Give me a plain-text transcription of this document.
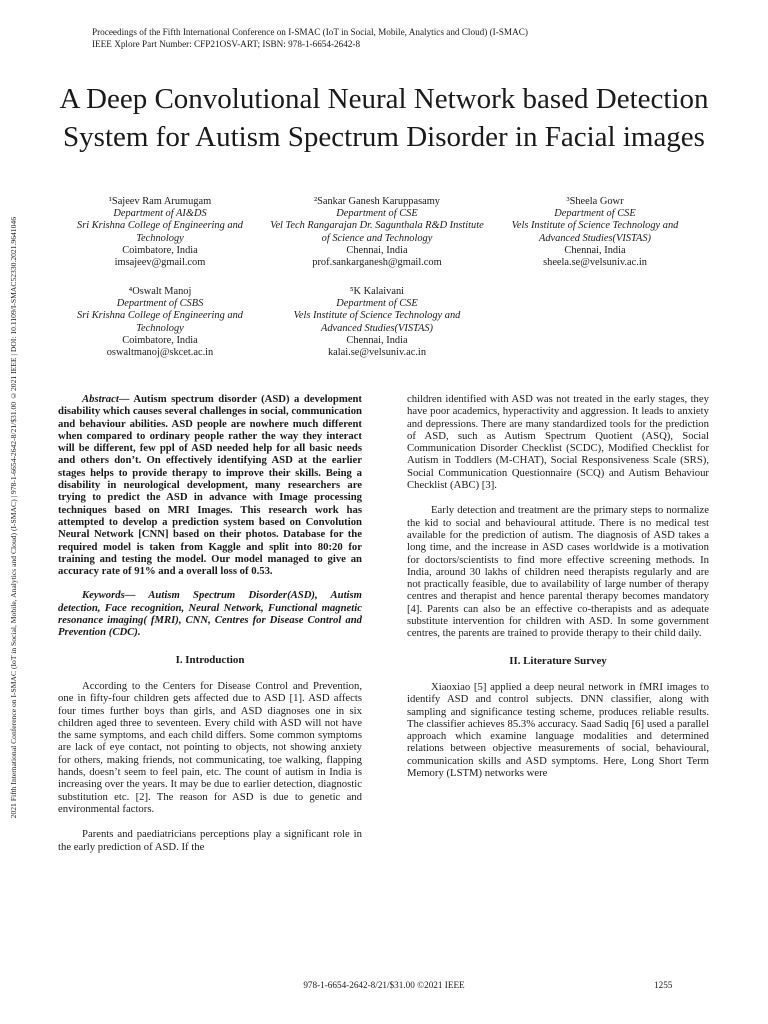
Proceedings of the Fifth International Conference on I-SMAC (IoT in Social, Mobile, Analytics and Cloud) (I-SMAC)
IEEE Xplore Part Number: CFP21OSV-ART; ISBN: 978-1-6654-2642-8
2021 Fifth International Conference on I-SMAC (IoT in Social, Mobile, Analytics and Cloud) (I-SMAC) | 978-1-6654-2642-8/21/$31.00 ©2021 IEEE | DOI: 10.1109/I-SMAC52330.2021.9641046
A Deep Convolutional Neural Network based Detection System for Autism Spectrum Disorder in Facial images
¹Sajeev Ram Arumugam
Department of AI&DS
Sri Krishna College of Engineering and Technology
Coimbatore, India
imsajeev@gmail.com
²Sankar Ganesh Karuppasamy
Department of CSE
Vel Tech Rangarajan Dr. Sagunthala R&D Institute of Science and Technology
Chennai, India
prof.sankarganesh@gmail.com
³Sheela Gowr
Department of CSE
Vels Institute of Science Technology and Advanced Studies(VISTAS)
Chennai, India
sheela.se@velsuniv.ac.in
⁴Oswalt Manoj
Department of CSBS
Sri Krishna College of Engineering and Technology
Coimbatore, India
oswaltmanoj@skcet.ac.in
⁵K Kalaivani
Department of CSE
Vels Institute of Science Technology and Advanced Studies(VISTAS)
Chennai, India
kalai.se@velsuniv.ac.in

Abstract— Autism spectrum disorder (ASD) a development disability which causes several challenges in social, communication and behaviour abilities. ASD people are nowhere much different when compared to ordinary people rather the way they interact will be different, few ppl of ASD needed help for all basic needs and others don’t. On effectively identifying ASD at the earlier stages helps to provide therapy to improve their skills. Being a disability in neurological development, many researchers are trying to predict the ASD in advance with Image processing techniques based on MRI Images. This research work has attempted to develop a prediction system based on Convolution Neural Network [CNN] based on their photos. Database for the required model is taken from Kaggle and split into 80:20 for training and testing the model. Our model managed to give an accuracy rate of 91% and a overall loss of 0.53.

Keywords— Autism Spectrum Disorder(ASD), Autism detection, Face recognition, Neural Network, Functional magnetic resonance imaging( fMRI), CNN, Centres for Disease Control and Prevention (CDC).

I. Introduction

According to the Centers for Disease Control and Prevention, one in fifty-four children gets affected due to ASD [1]. ASD affects four times further boys than girls, and ASD diagnoses one in six children aged three to seventeen. Every child with ASD will not have the same symptoms, and each child differs. Some common symptoms are lack of eye contact, not pointing to objects, not showing anxiety for others, making friends, not communicating, toe walking, flapping hands, doesn’t seem to feel pain, etc. The count of autism in India is increasing over the years. It may be due to earlier detection, diagnostic substitution etc. [2]. The reason for ASD is due to genetic and environmental factors.

Parents and paediatricians perceptions play a significant role in the early prediction of ASD. If the

children identified with ASD was not treated in the early stages, they have poor academics, hyperactivity and aggression. It leads to anxiety and depressions. There are many standardized tools for the prediction of ASD, such as Autism Spectrum Quotient (ASQ), Social Communication Disorder Checklist (SCDC), Modified Checklist for Autism in Toddlers (M-CHAT), Social Responsiveness Scale (SRS), Social Communication Questionnaire (SCQ) and Autism Behaviour Checklist (ABC) [3].

Early detection and treatment are the primary steps to normalize the kid to social and behavioural attitude. There is no medical test available for the prediction of autism. The diagnosis of ASD takes a long time, and the increase in ASD cases worldwide is a motivation for doctors/scientists to find more effective screening methods. In India, around 30 lakhs of children need therapists regularly and are not practically feasible, due to availability of large number of therapy centres and therapist and hence parental therapy becomes mandatory [4]. Parents can also be an effective co-therapists and as adequate substitute intervention for children with ASD. In some government centres, the parents are trained to provide therapy to their child daily.

II. Literature Survey

Xiaoxiao [5] applied a deep neural network in fMRI images to identify ASD and control subjects. DNN classifier, along with sampling and significance testing scheme, produces reliable results. The classifier achieves 85.3% accuracy. Saad Sadiq [6] used a parallel approach which examine language modalities and determined relations between objective measurements of social, behavioural, communication skills and ASD symptoms. Here, Long Short Term Memory (LSTM) networks were

978-1-6654-2642-8/21/$31.00 ©2021 IEEE	1255
